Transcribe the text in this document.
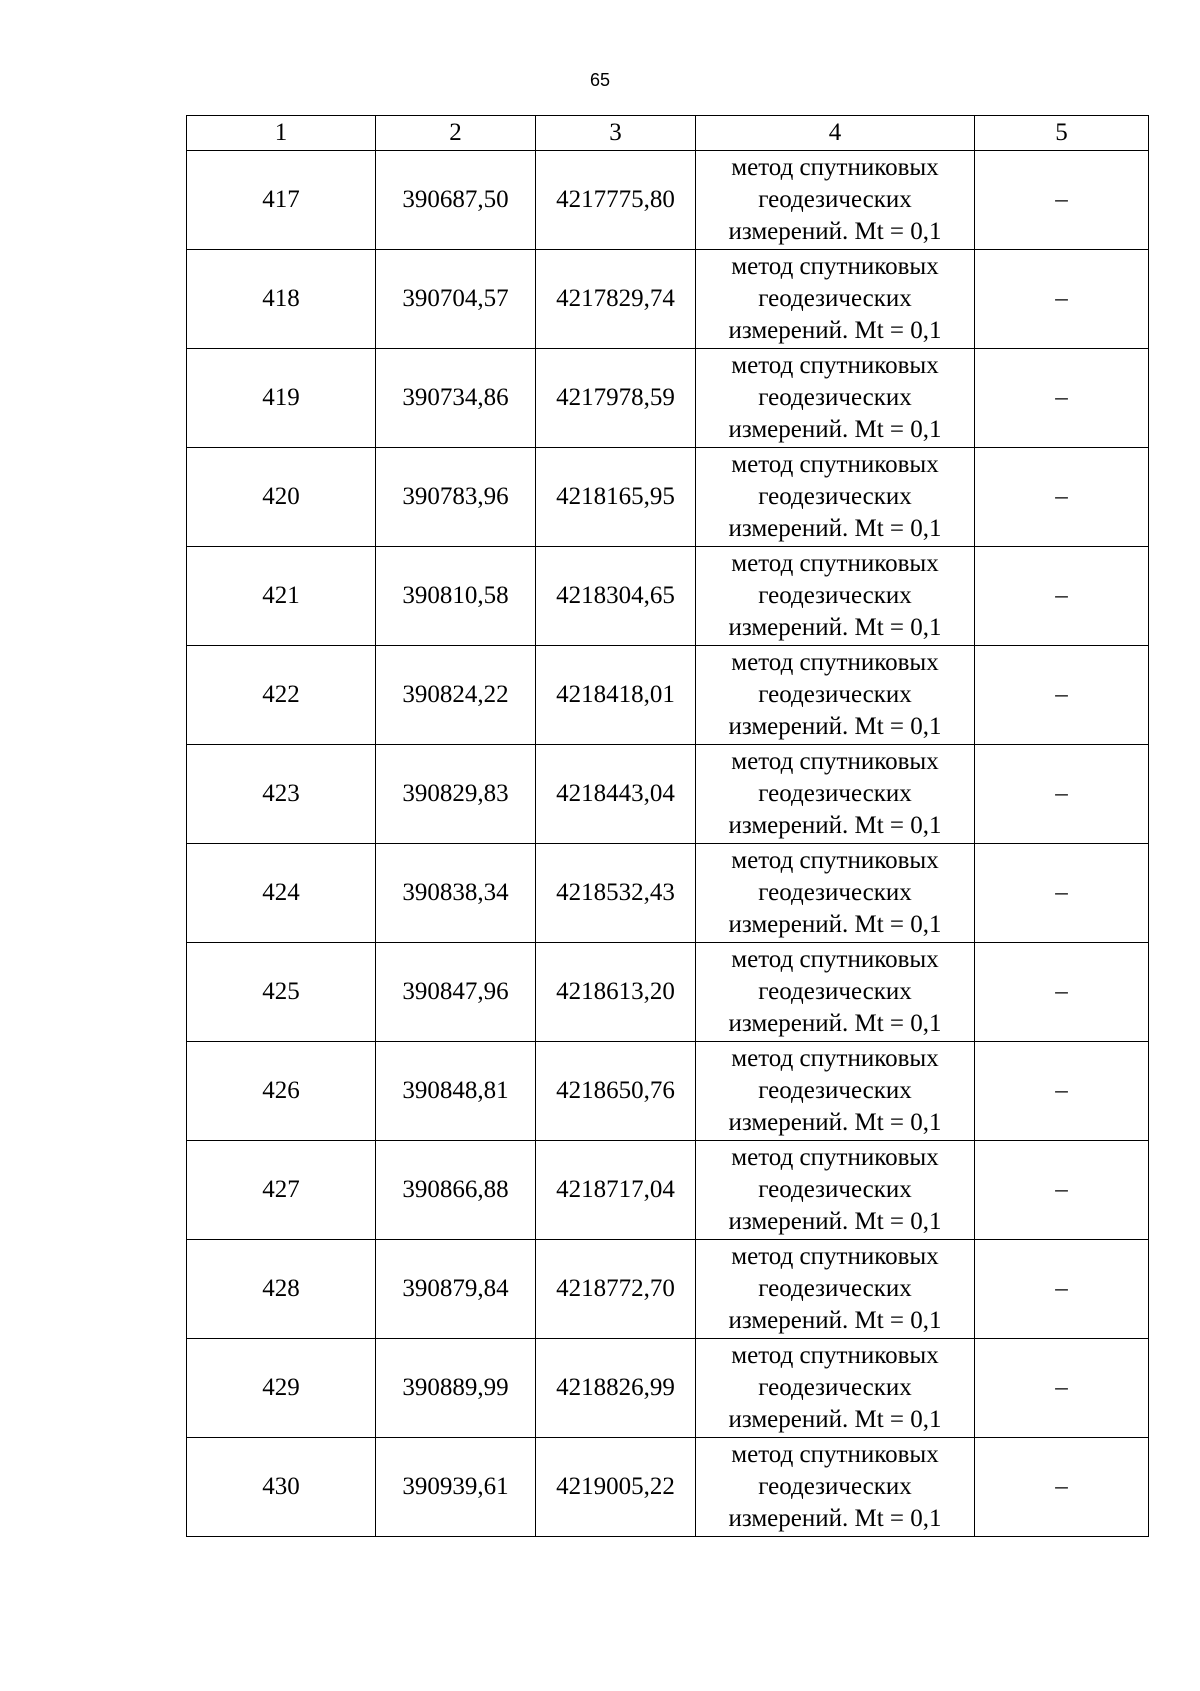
65
1	2	3	4	5
417	390687,50	4217775,80	метод спутниковых
геодезических
измерений. Mt = 0,1	–
418	390704,57	4217829,74	метод спутниковых
геодезических
измерений. Mt = 0,1	–
419	390734,86	4217978,59	метод спутниковых
геодезических
измерений. Mt = 0,1	–
420	390783,96	4218165,95	метод спутниковых
геодезических
измерений. Mt = 0,1	–
421	390810,58	4218304,65	метод спутниковых
геодезических
измерений. Mt = 0,1	–
422	390824,22	4218418,01	метод спутниковых
геодезических
измерений. Mt = 0,1	–
423	390829,83	4218443,04	метод спутниковых
геодезических
измерений. Mt = 0,1	–
424	390838,34	4218532,43	метод спутниковых
геодезических
измерений. Mt = 0,1	–
425	390847,96	4218613,20	метод спутниковых
геодезических
измерений. Mt = 0,1	–
426	390848,81	4218650,76	метод спутниковых
геодезических
измерений. Mt = 0,1	–
427	390866,88	4218717,04	метод спутниковых
геодезических
измерений. Mt = 0,1	–
428	390879,84	4218772,70	метод спутниковых
геодезических
измерений. Mt = 0,1	–
429	390889,99	4218826,99	метод спутниковых
геодезических
измерений. Mt = 0,1	–
430	390939,61	4219005,22	метод спутниковых
геодезических
измерений. Mt = 0,1	–
